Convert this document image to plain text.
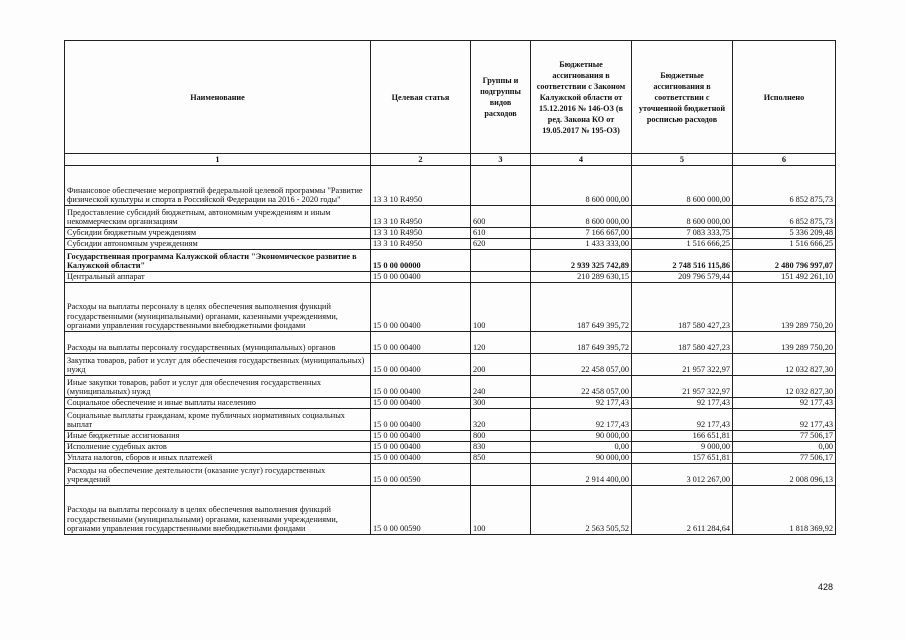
Наименование	Целевая статья	Группы и подгруппы видов расходов	Бюджетные ассигнования в соответствии с Законом Калужской области от 15.12.2016 № 146-ОЗ (в ред. Закона КО от 19.05.2017 № 195-ОЗ)	Бюджетные ассигнования в соответствии с уточненной бюджетной росписью расходов	Исполнено
1	2	3	4	5	6
Финансовое обеспечение мероприятий федеральной целевой программы "Развитие физической культуры и спорта в Российской Федерации на 2016 - 2020 годы"	13 3 10 R4950		8 600 000,00	8 600 000,00	6 852 875,73
Предоставление субсидий бюджетным, автономным учреждениям и иным некоммерческим организациям	13 3 10 R4950	600	8 600 000,00	8 600 000,00	6 852 875,73
Субсидии бюджетным учреждениям	13 3 10 R4950	610	7 166 667,00	7 083 333,75	5 336 209,48
Субсидии автономным учреждениям	13 3 10 R4950	620	1 433 333,00	1 516 666,25	1 516 666,25
Государственная программа Калужской области "Экономическое развитие в Калужской области"	15 0 00 00000		2 939 325 742,89	2 748 516 115,86	2 480 796 997,07
Центральный аппарат	15 0 00 00400		210 289 630,15	209 796 579,44	151 492 261,10
Расходы на выплаты персоналу в целях обеспечения выполнения функций государственными (муниципальными) органами, казенными учреждениями, органами управления государственными внебюджетными фондами	15 0 00 00400	100	187 649 395,72	187 580 427,23	139 289 750,20
Расходы на выплаты персоналу государственных (муниципальных) органов	15 0 00 00400	120	187 649 395,72	187 580 427,23	139 289 750,20
Закупка товаров, работ и услуг для обеспечения государственных (муниципальных) нужд	15 0 00 00400	200	22 458 057,00	21 957 322,97	12 032 827,30
Иные закупки товаров, работ и услуг для обеспечения государственных (муниципальных) нужд	15 0 00 00400	240	22 458 057,00	21 957 322,97	12 032 827,30
Социальное обеспечение и иные выплаты населению	15 0 00 00400	300	92 177,43	92 177,43	92 177,43
Социальные выплаты гражданам, кроме публичных нормативных социальных выплат	15 0 00 00400	320	92 177,43	92 177,43	92 177,43
Иные бюджетные ассигнования	15 0 00 00400	800	90 000,00	166 651,81	77 506,17
Исполнение судебных актов	15 0 00 00400	830	0,00	9 000,00	0,00
Уплата налогов, сборов и иных платежей	15 0 00 00400	850	90 000,00	157 651,81	77 506,17
Расходы на обеспечение деятельности (оказание услуг) государственных учреждений	15 0 00 00590		2 914 400,00	3 012 267,00	2 008 096,13
Расходы на выплаты персоналу в целях обеспечения выполнения функций государственными (муниципальными) органами, казенными учреждениями, органами управления государственными внебюджетными фондами	15 0 00 00590	100	2 563 505,52	2 611 284,64	1 818 369,92
428
